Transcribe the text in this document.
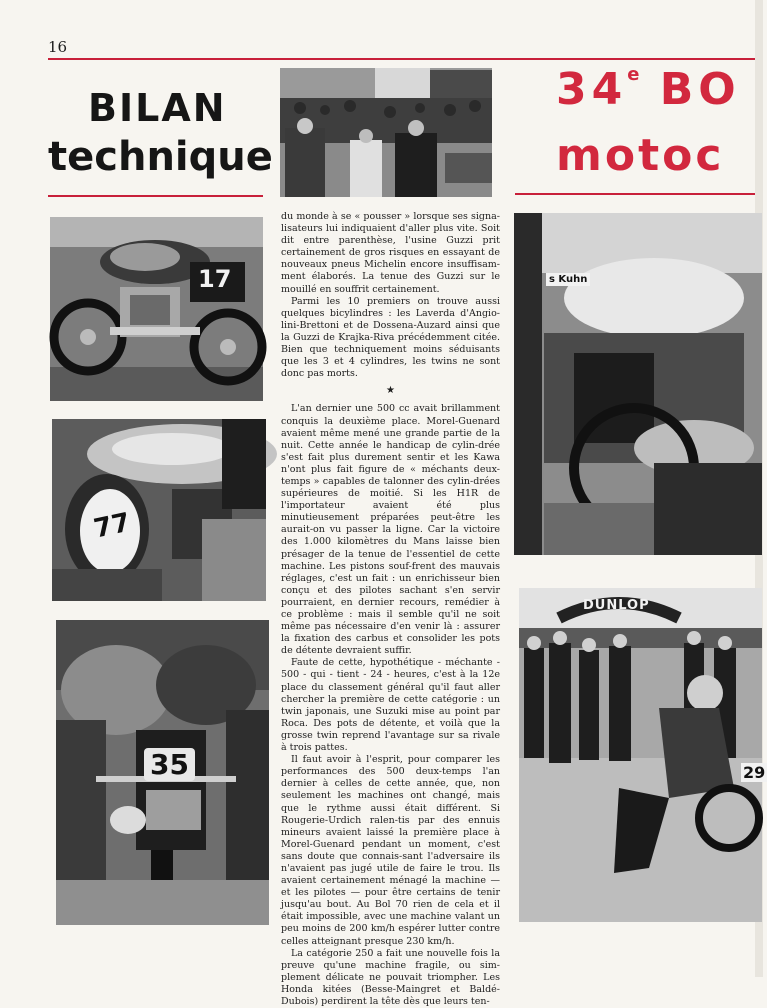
16
BILAN
technique
34e BO
motoc
17
77
35
s Kuhn
DUNLOP
29

du monde à se « pousser » lorsque ses signa-lisateurs lui indiquaient d'aller plus vite. Soit dit entre parenthèse, l'usine Guzzi prit certainement de gros risques en essayant de nouveaux pneus Michelin encore insuffisam-ment élaborés. La tenue des Guzzi sur le mouillé en souffrit certainement.

Parmi les 10 premiers on trouve aussi quelques bicylindres : les Laverda d'Angio-lini-Brettoni et de Dossena-Auzard ainsi que la Guzzi de Krajka-Riva précédemment citée. Bien que techniquement moins séduisants que les 3 et 4 cylindres, les twins ne sont donc pas morts.

★

L'an dernier une 500 cc avait brillamment conquis la deuxième place. Morel-Guenard avaient même mené une grande partie de la nuit. Cette année le handicap de cylin-drée s'est fait plus durement sentir et les Kawa n'ont plus fait figure de « méchants deux-temps » capables de talonner des cylin-drées supérieures de moitié. Si les H1R de l'importateur avaient été plus minutieusement préparées peut-être les aurait-on vu passer la ligne. Car la victoire des 1.000 kilomètres du Mans laisse bien présager de la tenue de l'essentiel de cette machine. Les pistons souf-frent des mauvais réglages, c'est un fait : un enrichisseur bien conçu et des pilotes sachant s'en servir pourraient, en dernier recours, remédier à ce problème : mais il semble qu'il ne soit même pas nécessaire d'en venir là : assurer la fixation des carbus et consolider les pots de détente devraient suffir.

Faute de cette, hypothétique - méchante - 500 - qui - tient - 24 - heures, c'est à la 12e place du classement général qu'il faut aller chercher la première de cette catégorie : un twin japonais, une Suzuki mise au point par Roca. Des pots de détente, et voilà que la grosse twin reprend l'avantage sur sa rivale à trois pattes.

Il faut avoir à l'esprit, pour comparer les performances des 500 deux-temps l'an dernier à celles de cette année, que, non seulement les machines ont changé, mais que le rythme aussi était différent. Si Rougerie-Urdich ralen-tis par des ennuis mineurs avaient laissé la première place à Morel-Guenard pendant un moment, c'est sans doute que connais-sant l'adversaire ils n'avaient pas jugé utile de faire le trou. Ils avaient certainement ménagé la machine — et les pilotes — pour être certains de tenir jusqu'au bout. Au Bol 70 rien de cela et il était impossible, avec une machine valant un peu moins de 200 km/h espérer lutter contre celles atteignant presque 230 km/h.

La catégorie 250 a fait une nouvelle fois la preuve qu'une machine fragile, ou sim-plement délicate ne pouvait triompher. Les Honda kitées (Besse-Maingret et Baldé-Dubois) perdirent la tête dès que leurs ten-
